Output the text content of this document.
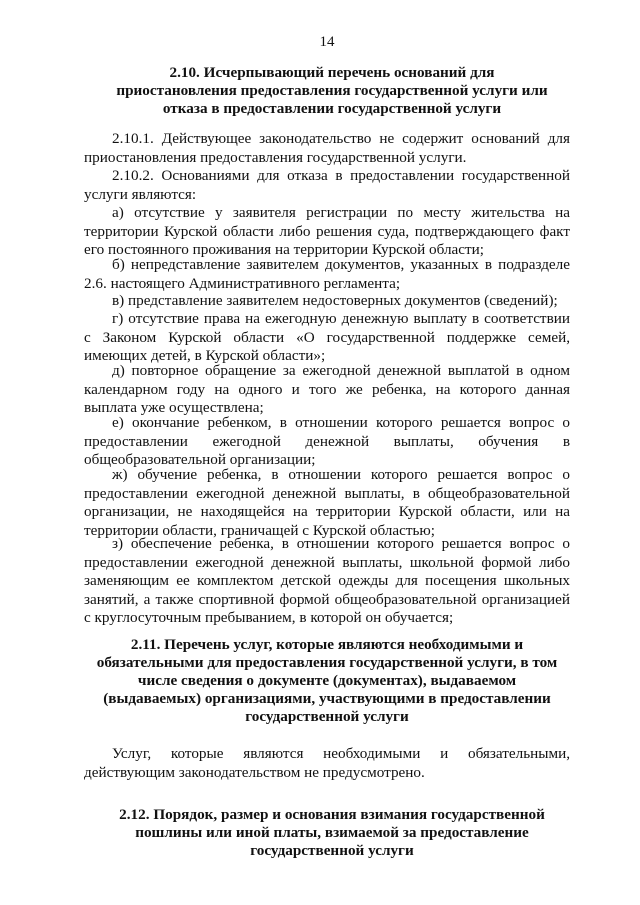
14
2.10. Исчерпывающий перечень оснований для приостановления предоставления государственной услуги или отказа в предоставлении государственной услуги

2.10.1. Действующее законодательство не содержит оснований для приостановления предоставления государственной услуги.

2.10.2. Основаниями для отказа в предоставлении государственной услуги являются:

а) отсутствие у заявителя регистрации по месту жительства на территории Курской области либо решения суда, подтверждающего факт его постоянного проживания на территории Курской области;

б) непредставление заявителем документов, указанных в подразделе 2.6. настоящего Административного регламента;

в) представление заявителем недостоверных документов (сведений);

г) отсутствие права на ежегодную денежную выплату в соответствии с Законом Курской области «О государственной поддержке семей, имеющих детей, в Курской области»;

д) повторное обращение за ежегодной денежной выплатой в одном календарном году на одного и того же ребенка, на которого данная выплата уже осуществлена;

е) окончание ребенком, в отношении которого решается вопрос о предоставлении ежегодной денежной выплаты, обучения в общеобразовательной организации;

ж) обучение ребенка, в отношении которого решается вопрос о предоставлении ежегодной денежной выплаты, в общеобразовательной организации, не находящейся на территории Курской области, или на территории области, граничащей с Курской областью;

з) обеспечение ребенка, в отношении которого решается вопрос о предоставлении ежегодной денежной выплаты, школьной формой либо заменяющим ее комплектом детской одежды для посещения школьных занятий, а также спортивной формой общеобразовательной организацией с круглосуточным пребыванием, в которой он обучается;

2.11. Перечень услуг, которые являются необходимыми и обязательными для предоставления государственной услуги, в том числе сведения о документе (документах), выдаваемом (выдаваемых) организациями, участвующими в предоставлении государственной услуги

Услуг, которые являются необходимыми и обязательными, действующим законодательством не предусмотрено.

2.12. Порядок, размер и основания взимания государственной пошлины или иной платы, взимаемой за предоставление государственной услуги
